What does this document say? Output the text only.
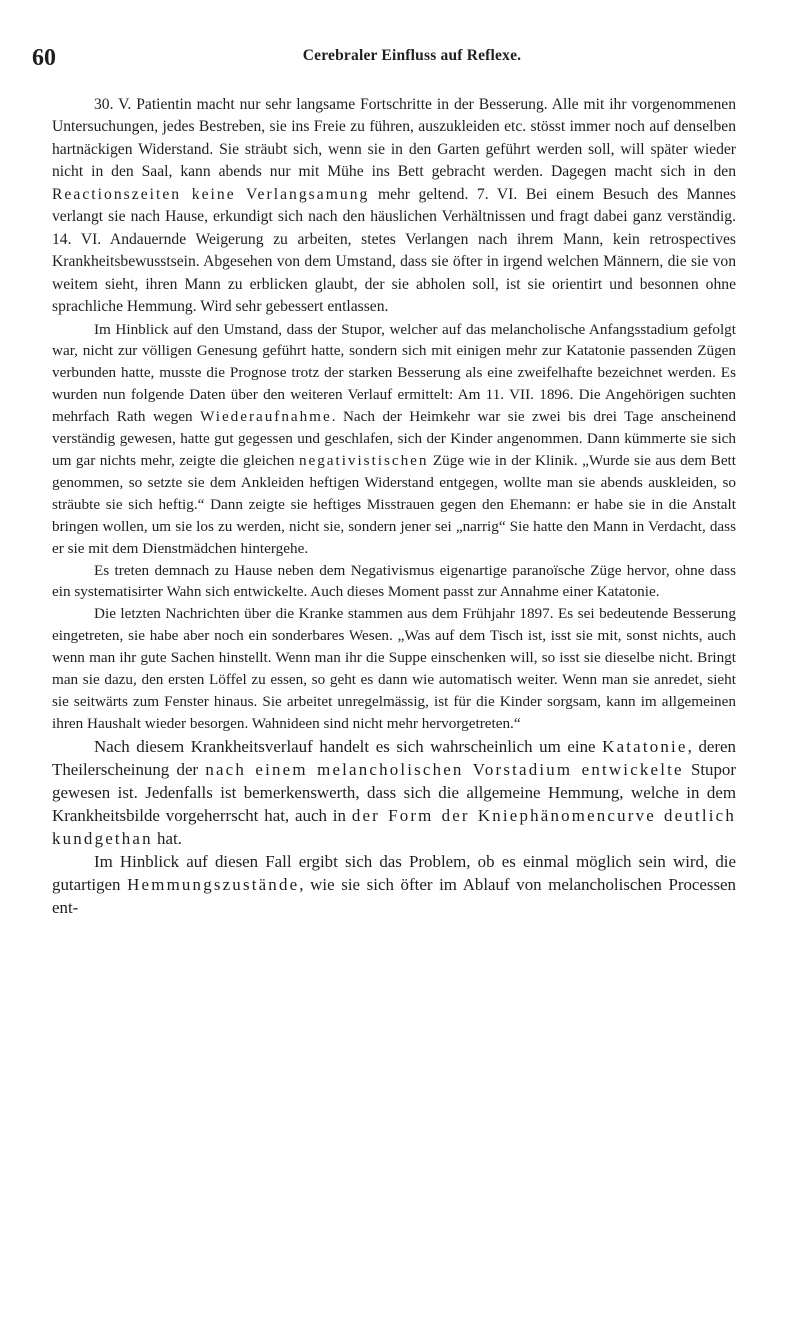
60	Cerebraler Einfluss auf Reflexe.

30. V. Patientin macht nur sehr langsame Fortschritte in der Besserung. Alle mit ihr vorgenommenen Untersuchungen, jedes Bestreben, sie ins Freie zu führen, auszukleiden etc. stösst immer noch auf denselben hartnäckigen Widerstand. Sie sträubt sich, wenn sie in den Garten geführt werden soll, will später wieder nicht in den Saal, kann abends nur mit Mühe ins Bett gebracht werden. Dagegen macht sich in den Reactionszeiten keine Verlangsamung mehr geltend. 7. VI. Bei einem Besuch des Mannes verlangt sie nach Hause, erkundigt sich nach den häuslichen Verhältnissen und fragt dabei ganz verständig. 14. VI. Andauernde Weigerung zu arbeiten, stetes Verlangen nach ihrem Mann, kein retrospectives Krankheitsbewusstsein. Abgesehen von dem Umstand, dass sie öfter in irgend welchen Männern, die sie von weitem sieht, ihren Mann zu erblicken glaubt, der sie abholen soll, ist sie orientirt und besonnen ohne sprachliche Hemmung. Wird sehr gebessert entlassen.

Im Hinblick auf den Umstand, dass der Stupor, welcher auf das melancholische Anfangsstadium gefolgt war, nicht zur völligen Genesung geführt hatte, sondern sich mit einigen mehr zur Katatonie passenden Zügen verbunden hatte, musste die Prognose trotz der starken Besserung als eine zweifelhafte bezeichnet werden. Es wurden nun folgende Daten über den weiteren Verlauf ermittelt: Am 11. VII. 1896. Die Angehörigen suchten mehrfach Rath wegen Wiederaufnahme. Nach der Heimkehr war sie zwei bis drei Tage anscheinend verständig gewesen, hatte gut gegessen und geschlafen, sich der Kinder angenommen. Dann kümmerte sie sich um gar nichts mehr, zeigte die gleichen negativistischen Züge wie in der Klinik. „Wurde sie aus dem Bett genommen, so setzte sie dem Ankleiden heftigen Widerstand entgegen, wollte man sie abends auskleiden, so sträubte sie sich heftig.“ Dann zeigte sie heftiges Misstrauen gegen den Ehemann: er habe sie in die Anstalt bringen wollen, um sie los zu werden, nicht sie, sondern jener sei „narrig“ Sie hatte den Mann in Verdacht, dass er sie mit dem Dienstmädchen hintergehe.

Es treten demnach zu Hause neben dem Negativismus eigenartige paranoïsche Züge hervor, ohne dass ein systematisirter Wahn sich entwickelte. Auch dieses Moment passt zur Annahme einer Katatonie.

Die letzten Nachrichten über die Kranke stammen aus dem Frühjahr 1897. Es sei bedeutende Besserung eingetreten, sie habe aber noch ein sonderbares Wesen. „Was auf dem Tisch ist, isst sie mit, sonst nichts, auch wenn man ihr gute Sachen hinstellt. Wenn man ihr die Suppe einschenken will, so isst sie dieselbe nicht. Bringt man sie dazu, den ersten Löffel zu essen, so geht es dann wie automatisch weiter. Wenn man sie anredet, sieht sie seitwärts zum Fenster hinaus. Sie arbeitet unregelmässig, ist für die Kinder sorgsam, kann im allgemeinen ihren Haushalt wieder besorgen. Wahnideen sind nicht mehr hervorgetreten.“

Nach diesem Krankheitsverlauf handelt es sich wahrscheinlich um eine Katatonie, deren Theilerscheinung der nach einem melancholischen Vorstadium entwickelte Stupor gewesen ist. Jedenfalls ist bemerkenswerth, dass sich die allgemeine Hemmung, welche in dem Krankheitsbilde vorgeherrscht hat, auch in der Form der Kniephänomencurve deutlich kundgethan hat.

Im Hinblick auf diesen Fall ergibt sich das Problem, ob es einmal möglich sein wird, die gutartigen Hemmungszustände, wie sie sich öfter im Ablauf von melancholischen Processen ent-
